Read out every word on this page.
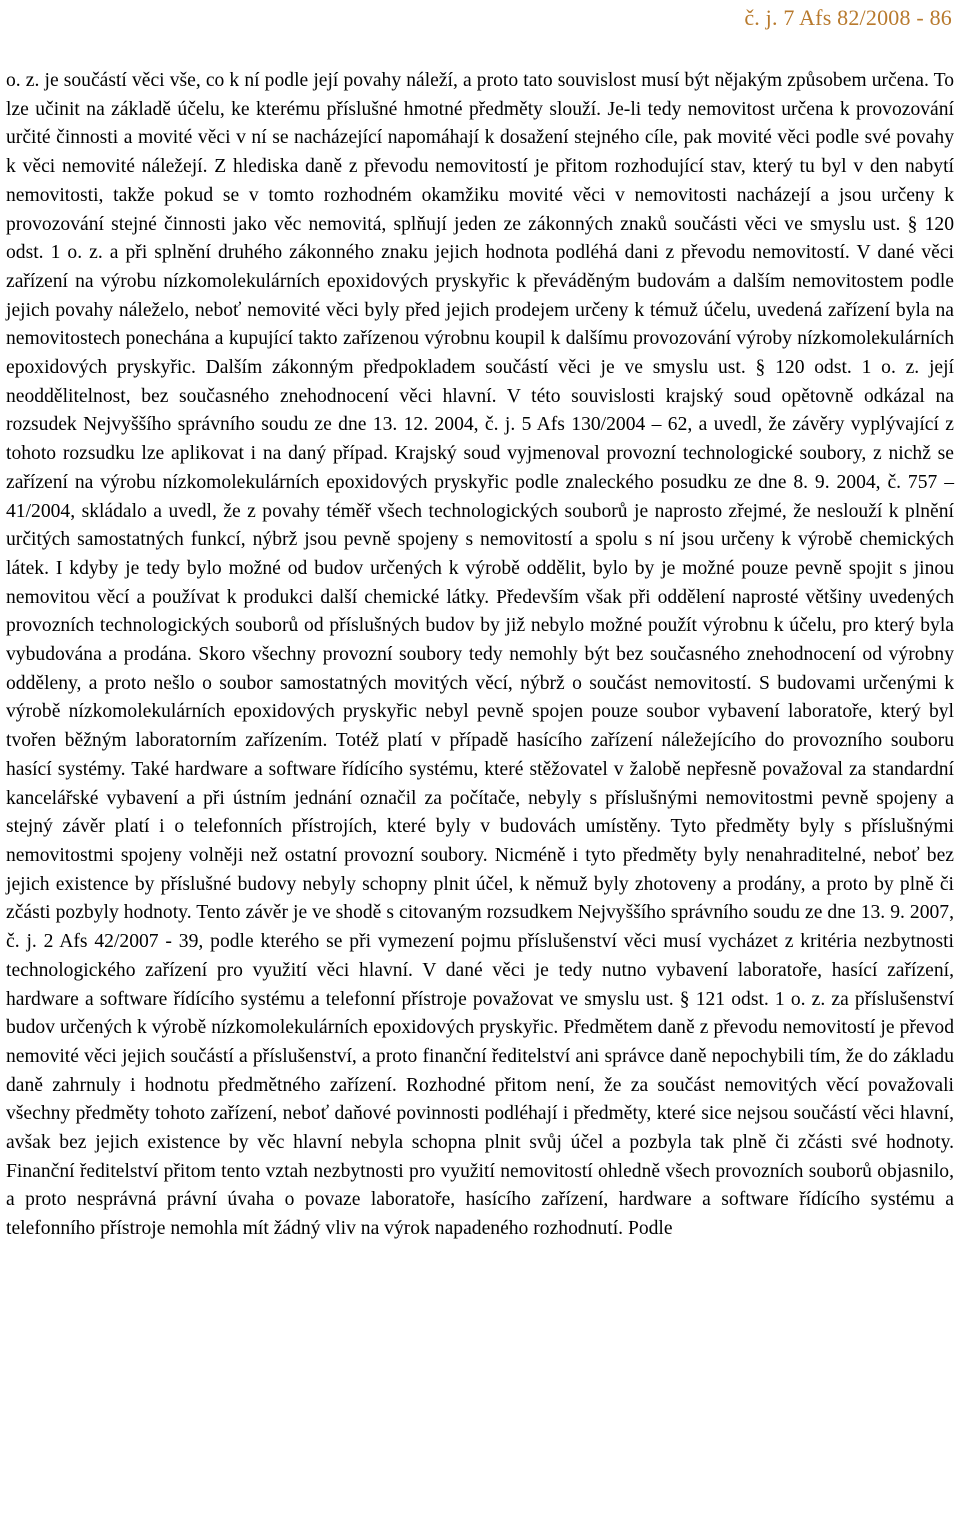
č. j. 7 Afs 82/2008 - 86

o. z. je součástí věci vše, co k ní podle její povahy náleží, a proto tato souvislost musí být nějakým způsobem určena. To lze učinit na základě účelu, ke kterému příslušné hmotné předměty slouží. Je-li tedy nemovitost určena k provozování určité činnosti a movité věci v ní se nacházející napomáhají k dosažení stejného cíle, pak movité věci podle své povahy k věci nemovité náležejí. Z hlediska daně z převodu nemovitostí je přitom rozhodující stav, který tu byl v den nabytí nemovitosti, takže pokud se v tomto rozhodném okamžiku movité věci v nemovitosti nacházejí a jsou určeny k provozování stejné činnosti jako věc nemovitá, splňují jeden ze zákonných znaků součásti věci ve smyslu ust. § 120 odst. 1 o. z. a při splnění druhého zákonného znaku jejich hodnota podléhá dani z převodu nemovitostí. V dané věci zařízení na výrobu nízkomolekulárních epoxidových pryskyřic k převáděným budovám a dalším nemovitostem podle jejich povahy náleželo, neboť nemovité věci byly před jejich prodejem určeny k témuž účelu, uvedená zařízení byla na nemovitostech ponechána a kupující takto zařízenou výrobnu koupil k dalšímu provozování výroby nízkomolekulárních epoxidových pryskyřic. Dalším zákonným předpokladem součástí věci je ve smyslu ust. § 120 odst. 1 o. z. její neoddělitelnost, bez současného znehodnocení věci hlavní. V této souvislosti krajský soud opětovně odkázal na rozsudek Nejvyššího správního soudu ze dne 13. 12. 2004, č. j. 5 Afs 130/2004 – 62, a uvedl, že závěry vyplývající z tohoto rozsudku lze aplikovat i na daný případ. Krajský soud vyjmenoval provozní technologické soubory, z nichž se zařízení na výrobu nízkomolekulárních epoxidových pryskyřic podle znaleckého posudku ze dne 8. 9. 2004, č. 757 – 41/2004, skládalo a uvedl, že z povahy téměř všech technologických souborů je naprosto zřejmé, že neslouží k plnění určitých samostatných funkcí, nýbrž jsou pevně spojeny s nemovitostí a spolu s ní jsou určeny k výrobě chemických látek. I kdyby je tedy bylo možné od budov určených k výrobě oddělit, bylo by je možné pouze pevně spojit s jinou nemovitou věcí a používat k produkci další chemické látky. Především však při oddělení naprosté většiny uvedených provozních technologických souborů od příslušných budov by již nebylo možné použít výrobnu k účelu, pro který byla vybudována a prodána. Skoro všechny provozní soubory tedy nemohly být bez současného znehodnocení od výrobny odděleny, a proto nešlo o soubor samostatných movitých věcí, nýbrž o součást nemovitostí. S budovami určenými k výrobě nízkomolekulárních epoxidových pryskyřic nebyl pevně spojen pouze soubor vybavení laboratoře, který byl tvořen běžným laboratorním zařízením. Totéž platí v případě hasícího zařízení náležejícího do provozního souboru hasící systémy. Také hardware a software řídícího systému, které stěžovatel v žalobě nepřesně považoval za standardní kancelářské vybavení a při ústním jednání označil za počítače, nebyly s příslušnými nemovitostmi pevně spojeny a stejný závěr platí i o telefonních přístrojích, které byly v budovách umístěny. Tyto předměty byly s příslušnými nemovitostmi spojeny volněji než ostatní provozní soubory. Nicméně i tyto předměty byly nenahraditelné, neboť bez jejich existence by příslušné budovy nebyly schopny plnit účel, k němuž byly zhotoveny a prodány, a proto by plně či zčásti pozbyly hodnoty. Tento závěr je ve shodě s citovaným rozsudkem Nejvyššího správního soudu ze dne 13. 9. 2007, č. j. 2 Afs 42/2007 - 39, podle kterého se při vymezení pojmu příslušenství věci musí vycházet z kritéria nezbytnosti technologického zařízení pro využití věci hlavní. V dané věci je tedy nutno vybavení laboratoře, hasící zařízení, hardware a software řídícího systému a telefonní přístroje považovat ve smyslu ust. § 121 odst. 1 o. z. za příslušenství budov určených k výrobě nízkomolekulárních epoxidových pryskyřic. Předmětem daně z převodu nemovitostí je převod nemovité věci jejich součástí a příslušenství, a proto finanční ředitelství ani správce daně nepochybili tím, že do základu daně zahrnuly i hodnotu předmětného zařízení. Rozhodné přitom není, že za součást nemovitých věcí považovali všechny předměty tohoto zařízení, neboť daňové povinnosti podléhají i předměty, které sice nejsou součástí věci hlavní, avšak bez jejich existence by věc hlavní nebyla schopna plnit svůj účel a pozbyla tak plně či zčásti své hodnoty. Finanční ředitelství přitom tento vztah nezbytnosti pro využití nemovitostí ohledně všech provozních souborů objasnilo, a proto nesprávná právní úvaha o povaze laboratoře, hasícího zařízení, hardware a software řídícího systému a telefonního přístroje nemohla mít žádný vliv na výrok napadeného rozhodnutí. Podle
